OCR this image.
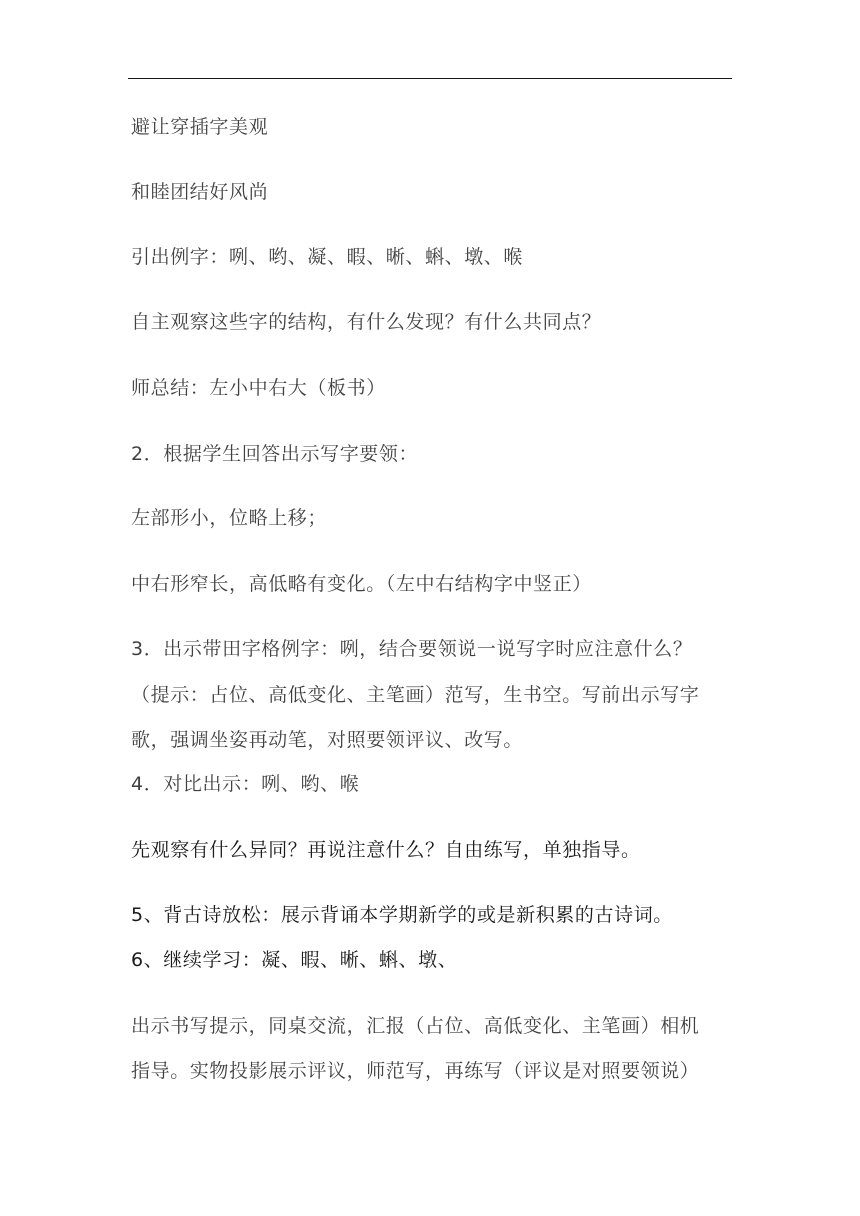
避让穿插字美观

和睦团结好风尚

引出例字：咧、哟、凝、暇、晰、蝌、墩、喉

自主观察这些字的结构，有什么发现？有什么共同点？

师总结：左小中右大（板书）

2．根据学生回答出示写字要领：

左部形小，位略上移；

中右形窄长，高低略有变化。（左中右结构字中竖正）

3．出示带田字格例字：咧，结合要领说一说写字时应注意什么？

（提示：占位、高低变化、主笔画）范写，生书空。写前出示写字

歌，强调坐姿再动笔，对照要领评议、改写。

4．对比出示：咧、哟、喉

先观察有什么异同？再说注意什么？自由练写，单独指导。

5、背古诗放松：展示背诵本学期新学的或是新积累的古诗词。

6、继续学习：凝、暇、晰、蝌、墩、

出示书写提示，同桌交流，汇报（占位、高低变化、主笔画）相机

指导。实物投影展示评议，师范写，再练写（评议是对照要领说）
